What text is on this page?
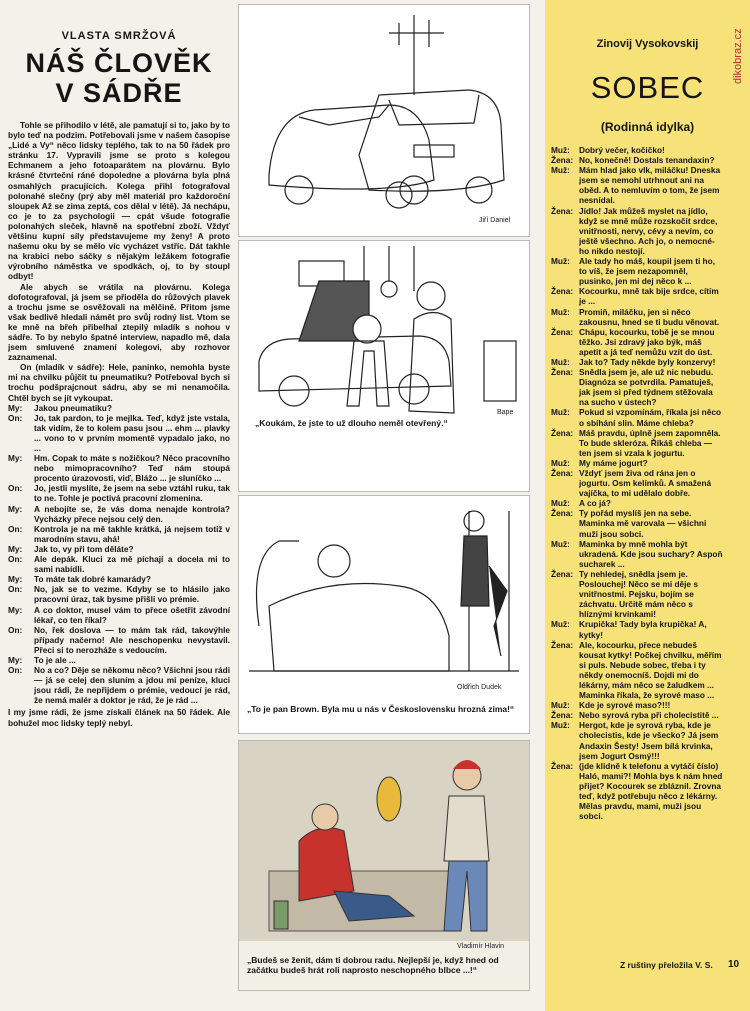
VLASTA SMRŽOVÁ
NÁŠ ČLOVĚK
V SÁDŘE

Tohle se přihodilo v létě, ale pamatují si to, jako by to bylo teď na podzim. Potřebovali jsme v našem časopise „Lidé a Vy“ něco lidsky teplého, tak to na 50 řádek pro stránku 17. Vypravili jsme se proto s kolegou Echmanem a jeho fotoaparátem na plovárnu. Bylo krásné čtvrteční ráné dopoledne a plovárna byla plná osmahlých pracujících. Kolega přihl fotografoval polonahé slečny (prý aby měl materiál pro každoroční sloupek Až se zima zeptá, cos dělal v létě). Já nechápu, co je to za psychologii — cpát všude fotografie polonahých sleček, hlavně na spotřební zboží. Vždyť většinu kupní síly představujeme my ženy! A proto našemu oku by se mělo víc vycházet vstříc. Dát takhle na krabici nebo sáčky s nějakým ležákem fotografie výrobního náměstka ve spodkách, oj, to by stoupl odbyt!

Ale abych se vrátila na plovárnu. Kolega dofotografoval, já jsem se přioděla do růžových plavek a trochu jsme se osvěžovali na mělčině. Přitom jsme však bedlivě hledali námět pro svůj rodný list. Vtom se ke mně na břeh přibelhal ztepilý mladík s nohou v sádře. To by nebylo špatné interview, napadlo mě, dala jsem smluvené znamení kolegovi, aby rozhovor zaznamenal.

On (mladík v sádře): Hele, paninko, nemohla byste mi na chvilku půjčit tu pneumatiku? Potřeboval bych si trochu podšprajcnout sádru, aby se mi nenamočila. Chtěl bych se jít vykoupat.

My:	Jakou pneumatiku?
On:	Jo, tak pardon, to je mejlka. Teď, když jste vstala, tak vidím, že to kolem pasu jsou ... ehm ... plavky ... vono to v prvním momentě vypadalo jako, no ...
My:	Hm. Copak to máte s nožičkou? Něco pracovního nebo mimopracovního? Teď nám stoupá procento úrazovosti, viď, Blážo ... je sluníčko ...
On:	Jo, jestli myslíte, že jsem na sebe vztáhl ruku, tak to ne. Tohle je poctivá pracovní zlomenina.
My:	A nebojíte se, že vás doma nenajde kontrola? Vycházky přece nejsou celý den.
On:	Kontrola je na mě takhle krátká, já nejsem totiž v marodním stavu, ahá!
My:	Jak to, vy při tom děláte?
On:	Ale depák. Kluci za mě píchají a docela mi to sami nabídli.
My:	To máte tak dobré kamarády?
On:	No, jak se to vezme. Kdyby se to hlásilo jako pracovní úraz, tak bysme přišli vo prémie.
My:	A co doktor, musel vám to přece ošetřit závodní lékař, co ten říkal?
On:	No, řek doslova — to mám tak rád, takovýhle případy načerno! Ale neschopenku nevystavil. Přeci si to nerozháže s vedoucím.
My:	To je ale ...
On:	No a co? Děje se někomu něco? Všichni jsou rádi — já se celej den sluním a jdou mi peníze, kluci jsou rádi, že nepřijdem o prémie, vedoucí je rád, že nemá malér a doktor je rád, že je rád ...
I my jsme rádi, že jsme získali článek na 50 řádek. Ale bohužel moc lidsky teplý nebyl.
Jiří Daniel
„Koukám, že jste to už dlouho neměl otevřený.“
Bape
Oldřich Dudek
„To je pan Brown. Byla mu u nás v Československu hrozná zima!“
Vladimír Hlavin
„Budeš se ženit, dám ti dobrou radu. Nejlepší je, když hned od začátku budeš hrát roli naprosto neschopného blbce ...!“
Zinovij Vysokovskij
SOBEC
(Rodinná idylka)
Muž:	Dobrý večer, kočičko!
Žena: No, konečně! Dostals tenandaxin?
Muž:	Mám hlad jako vlk, miláčku! Dneska jsem se nemohl utrhnout ani na oběd. A to nemluvím o tom, že jsem nesnídal.
Žena: Jídlo! Jak můžeš myslet na jídlo, když se mně může rozskočit srdce, vnitřnosti, nervy, cévy a nevím, co ještě všechno. Ach jo, o nemocné-ho nikdo nestojí.
Muž:	Ale tady ho máš, koupil jsem ti ho, to víš, že jsem nezapomněl, pusinko, jen mi dej něco k ...
Žena: Kocourku, mně tak bije srdce, cítím je ...
Muž:	Promiň, miláčku, jen si něco zakousnu, hned se ti budu věnovat.
Žena: Chápu, kocourku, tobě je se mnou těžko. Jsi zdravý jako býk, máš apetit a já teď nemůžu vzít do úst.
Muž:	Jak to? Tady někde byly konzervy!
Žena: Snědla jsem je, ale už nic nebudu. Diagnóza se potvrdila. Pamatuješ, jak jsem si před týdnem stěžovala na sucho v ústech?
Muž:	Pokud si vzpomínám, říkala jsi něco o sbíhání slin. Máme chleba?
Žena: Máš pravdu, úplně jsem zapomněla. To bude skleróza. Říkáš chleba — ten jsem si vzala k jogurtu.
Muž:	My máme jogurt?
Žena: Vždyť jsem živa od rána jen o jogurtu. Osm kelímků. A smažená vajíčka, to mi udělalo dobře.
Muž:	A co já?
Žena: Ty pořád myslíš jen na sebe. Maminka mě varovala — všichni muži jsou sobci.
Muž:	Maminka by mně mohla být ukradená. Kde jsou suchary? Aspoň sucharek ...
Žena: Ty nehledej, snědla jsem je. Poslouchej! Něco se mi děje s vnitřnostmi. Pejsku, bojím se záchvatu. Určitě mám něco s hlíznými krvinkami!
Muž:	Krupička! Tady byla krupička! A, kytky!
Žena: Ale, kocourku, přece nebudeš kousat kytky! Počkej chvilku, měřím si puls. Nebude sobec, třeba i ty někdy onemocníš. Dojdi mi do lékárny, mám něco se žaludkem ... Maminka říkala, že syrové maso ...
Muž:	Kde je syrové maso?!!!
Žena: Nebo syrová ryba při cholecistitě ...
Muž:	Hergot, kde je syrová ryba, kde je cholecistis, kde je všecko? Já jsem Andaxin Šesty! Jsem bílá krvinka, jsem Jogurt Osmý!!!
Žena: (jde klidně k telefonu a vytáčí číslo) Haló, mami?! Mohla bys k nám hned přijet? Kocourek se zbláznil. Zrovna teď, když potřebuju něco z lékárny. Mělas pravdu, mami, muži jsou sobci.
Z ruštiny přeložila V. S. 10
dikobraz.cz
